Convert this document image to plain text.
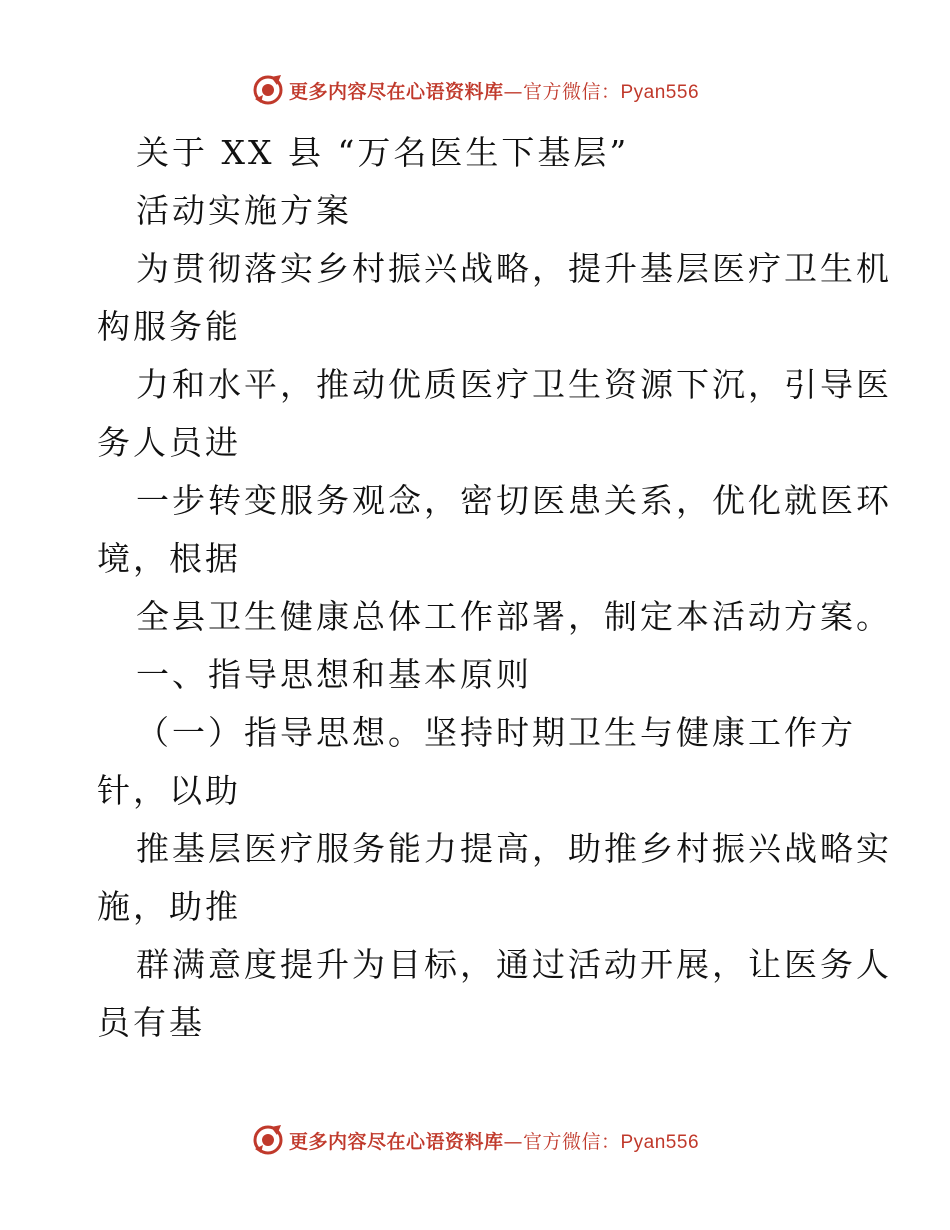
更多内容尽在心语资料库—官方微信：Pyan556
关于 XX 县 “万名医生下基层”
活动实施方案
为贯彻落实乡村振兴战略，提升基层医疗卫生机
构服务能
力和水平，推动优质医疗卫生资源下沉，引导医
务人员进
一步转变服务观念，密切医患关系，优化就医环
境，根据
全县卫生健康总体工作部署，制定本活动方案。
一、指导思想和基本原则
（一）指导思想。坚持时期卫生与健康工作方
针，以助
推基层医疗服务能力提高，助推乡村振兴战略实
施，助推
群满意度提升为目标，通过活动开展，让医务人
员有基
更多内容尽在心语资料库—官方微信：Pyan556
